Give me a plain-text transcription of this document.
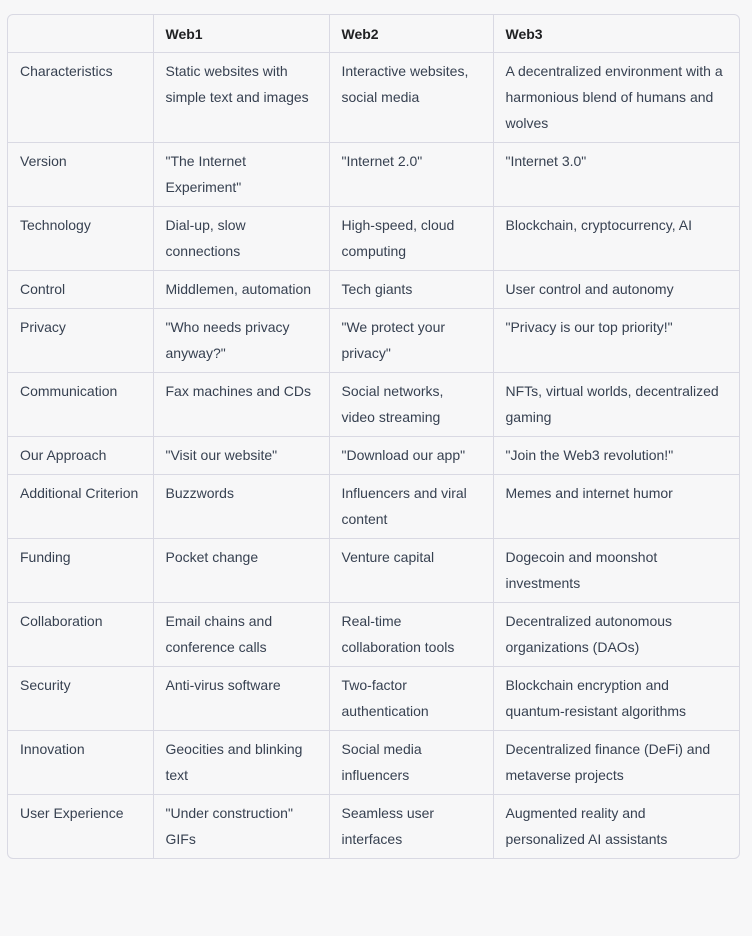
	Web1	Web2	Web3
Characteristics	Static websites with simple text and images	Interactive websites, social media	A decentralized environment with a harmonious blend of humans and wolves
Version	"The Internet Experiment"	"Internet 2.0"	"Internet 3.0"
Technology	Dial-up, slow connections	High-speed, cloud computing	Blockchain, cryptocurrency, AI
Control	Middlemen, automation	Tech giants	User control and autonomy
Privacy	"Who needs privacy anyway?"	"We protect your privacy"	"Privacy is our top priority!"
Communication	Fax machines and CDs	Social networks, video streaming	NFTs, virtual worlds, decentralized gaming
Our Approach	"Visit our website"	"Download our app"	"Join the Web3 revolution!"
Additional Criterion	Buzzwords	Influencers and viral content	Memes and internet humor
Funding	Pocket change	Venture capital	Dogecoin and moonshot investments
Collaboration	Email chains and conference calls	Real-time collaboration tools	Decentralized autonomous organizations (DAOs)
Security	Anti-virus software	Two-factor authentication	Blockchain encryption and quantum-resistant algorithms
Innovation	Geocities and blinking text	Social media influencers	Decentralized finance (DeFi) and metaverse projects
User Experience	"Under construction" GIFs	Seamless user interfaces	Augmented reality and personalized AI assistants
